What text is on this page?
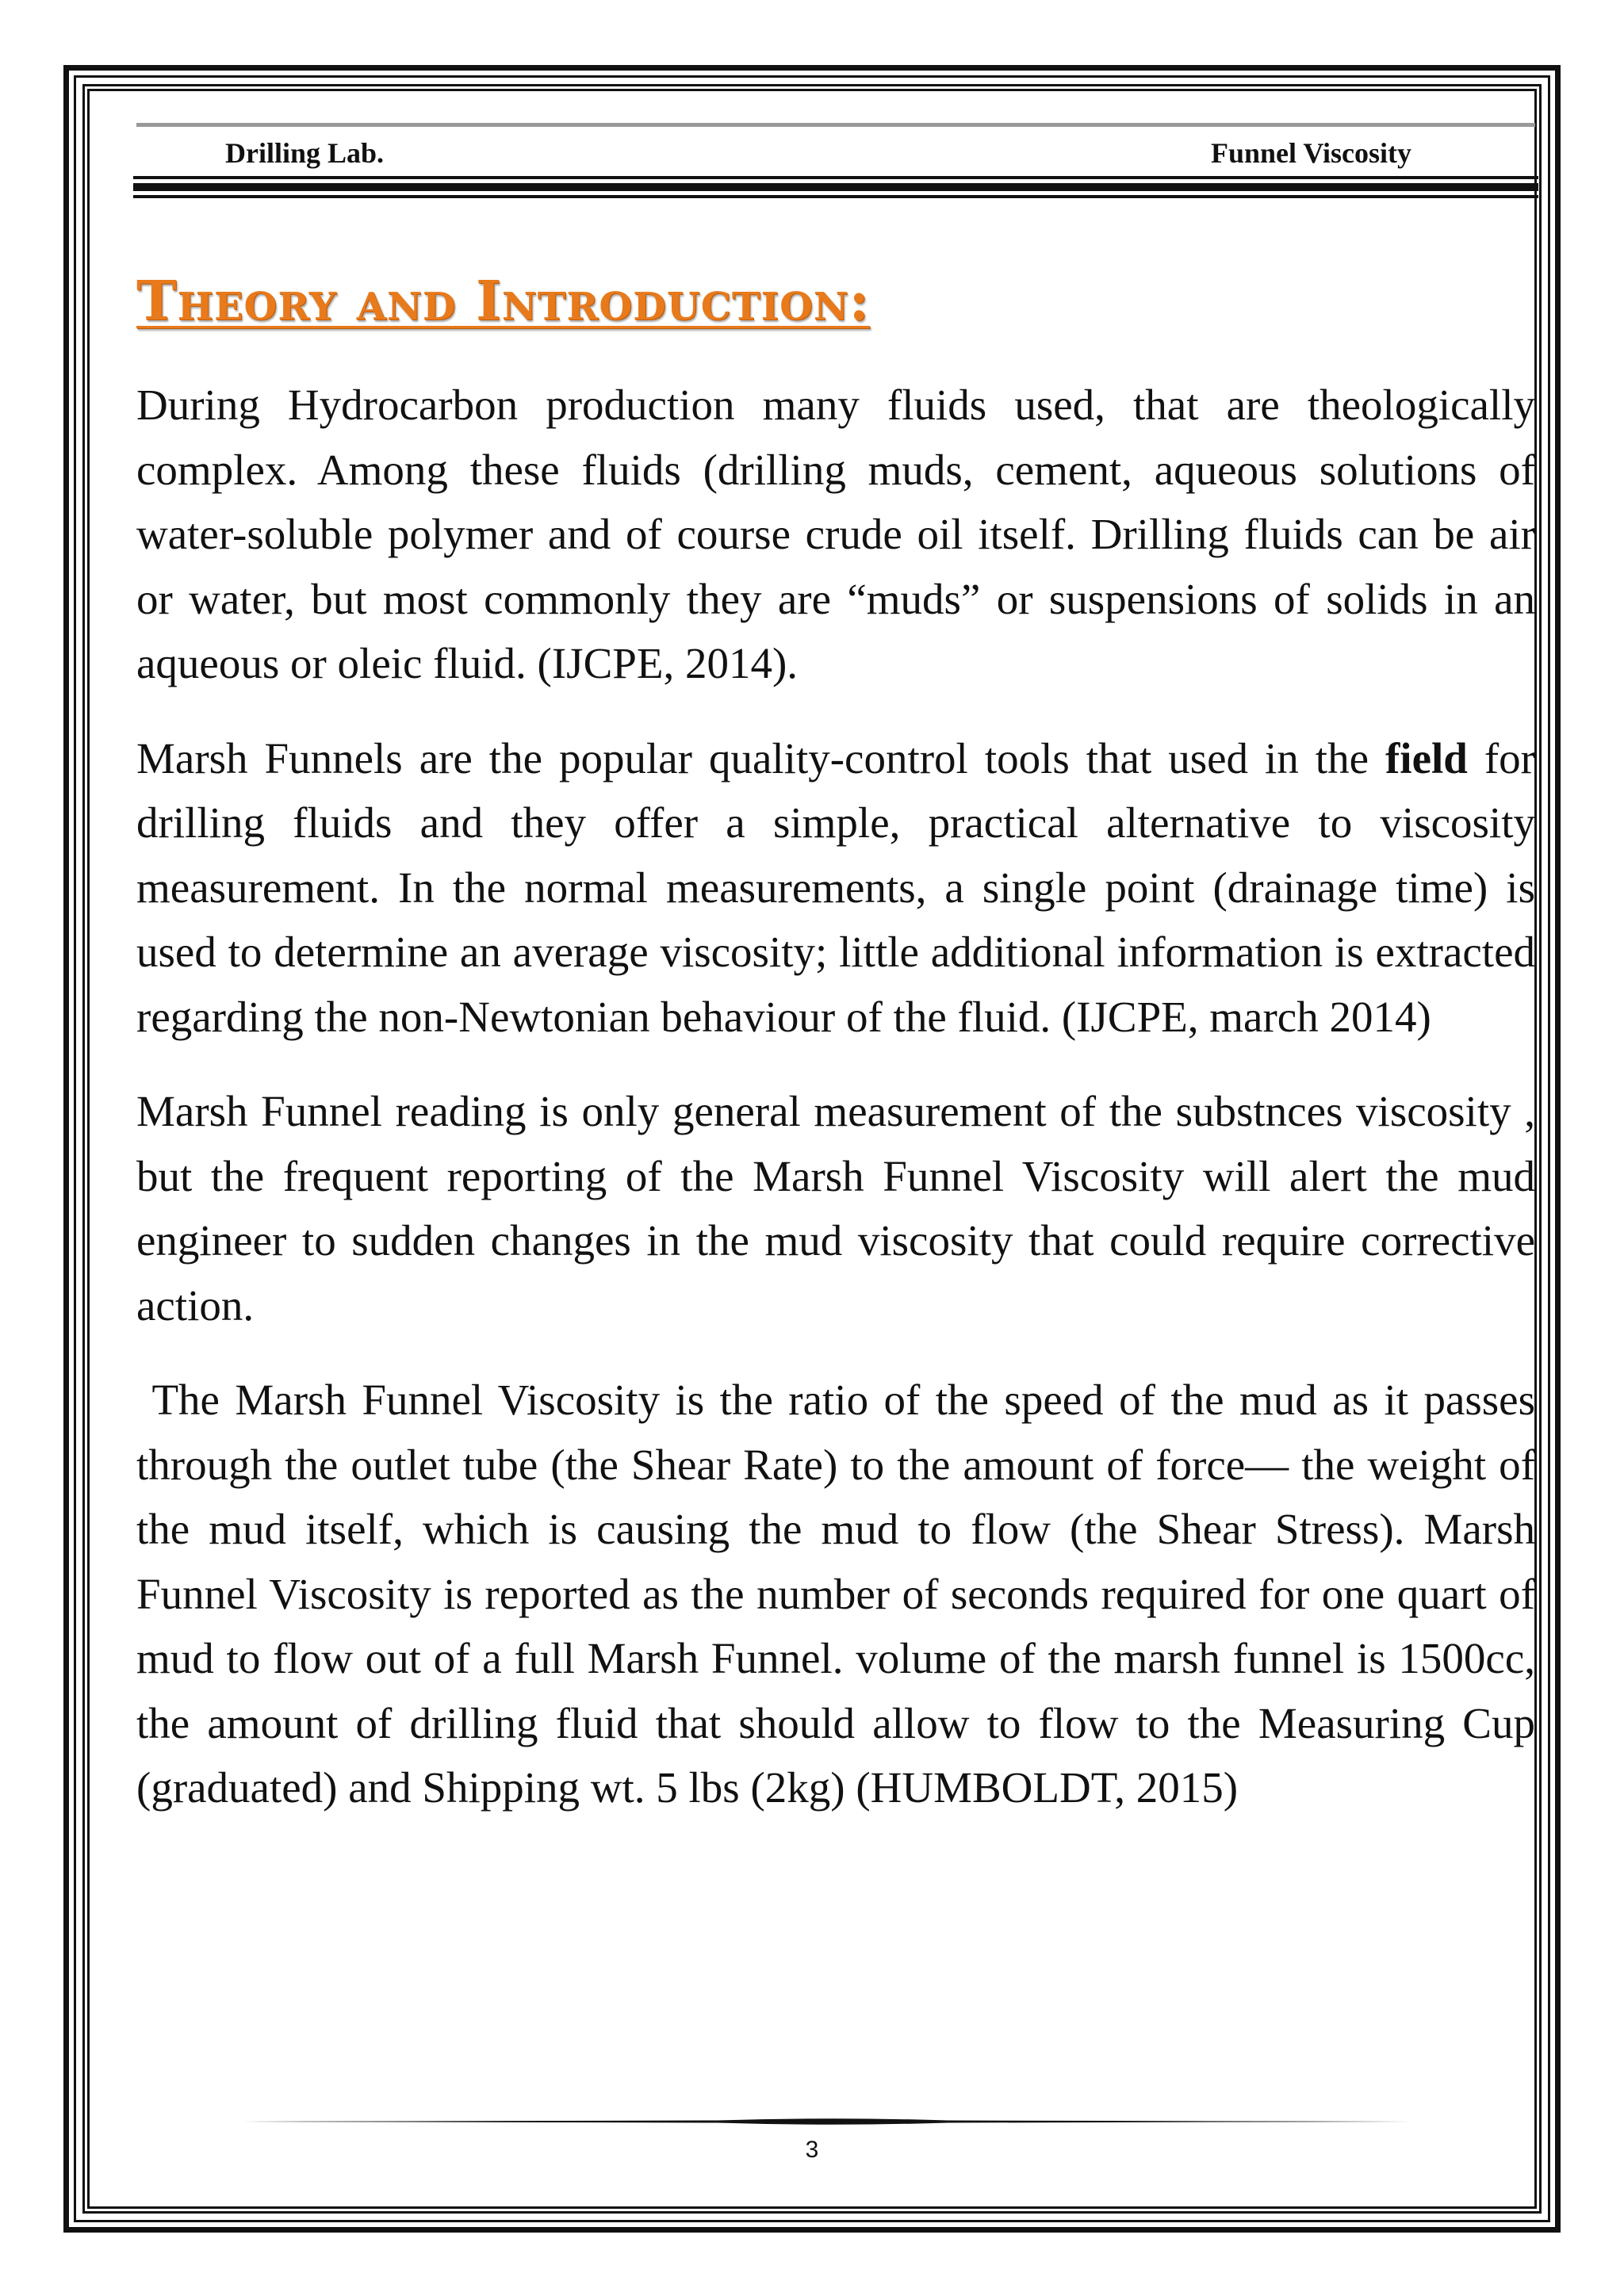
Drilling Lab.	Funnel Viscosity
Theory and Introduction:

During Hydrocarbon production many fluids used, that are theologically complex. Among these fluids (drilling muds, cement, aqueous solutions of water-soluble polymer and of course crude oil itself. Drilling fluids can be air or water, but most commonly they are “muds” or suspensions of solids in an aqueous or oleic fluid. (IJCPE, 2014).

Marsh Funnels are the popular quality-control tools that used in the field for drilling fluids and they offer a simple, practical alternative to viscosity measurement. In the normal measurements, a single point (drainage time) is used to determine an average viscosity; little additional information is extracted regarding the non-Newtonian behaviour of the fluid. (IJCPE, march 2014)

Marsh Funnel reading is only general measurement of the substnces viscosity , but the frequent reporting of the Marsh Funnel Viscosity will alert the mud engineer to sudden changes in the mud viscosity that could require corrective action.

The Marsh Funnel Viscosity is the ratio of the speed of the mud as it passes through the outlet tube (the Shear Rate) to the amount of force— the weight of the mud itself, which is causing the mud to flow (the Shear Stress). Marsh Funnel Viscosity is reported as the number of seconds required for one quart of mud to flow out of a full Marsh Funnel. volume of the marsh funnel is 1500cc, the amount of drilling fluid that should allow to flow to the Measuring Cup (graduated) and Shipping wt. 5 lbs (2kg) (HUMBOLDT, 2015)

3
